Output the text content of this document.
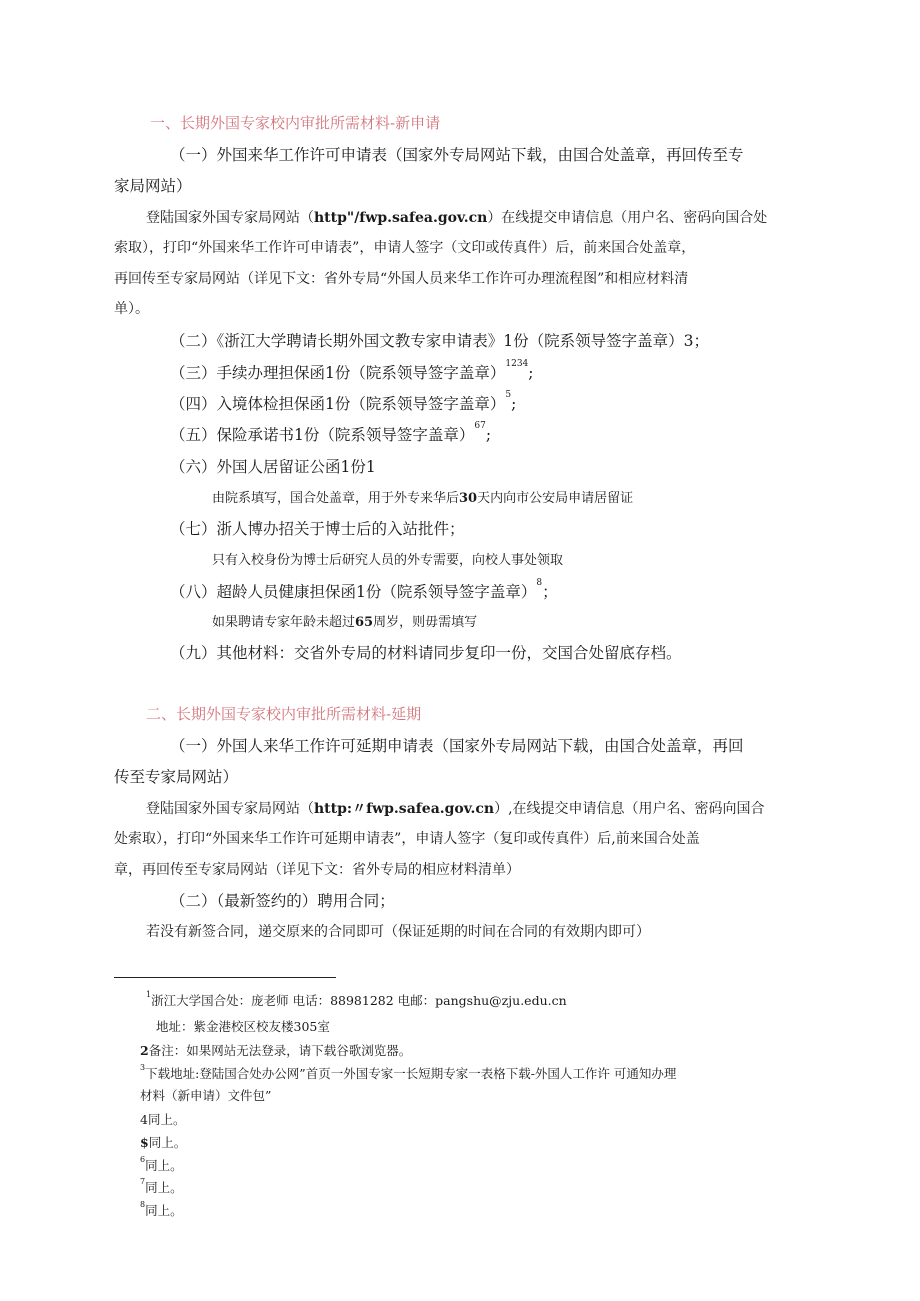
一、长期外国专家校内审批所需材料-新申请
（一）外国来华工作许可申请表（国家外专局网站下载，由国合处盖章，再回传至专
家局网站）
登陆国家外国专家局网站（http"/fwp.safea.gov.cn）在线提交申请信息（用户名、密码向国合处
索取），打印“外国来华工作许可申请表”，申请人签字（文印或传真件）后，前来国合处盖章，
再回传至专家局网站（详见下文：省外专局“外国人员来华工作许可办理流程图”和相应材料清
单）。
（二）《浙江大学聘请长期外国文教专家申请表》1份（院系领导签字盖章）3；
（三）手续办理担保函1份（院系领导签字盖章）$^{1234}$;
（四）入境体检担保函1份（院系领导签字盖章）$^5$;
（五）保险承诺书1份（院系领导签字盖章）$^{67}$;
（六）外国人居留证公函1份1
由院系填写，国合处盖章，用于外专来华后30天内向市公安局申请居留证
（七）浙人博办招关于博士后的入站批件；
只有入校身份为博士后研究人员的外专需要，向校人事处领取
（八）超龄人员健康担保函1份（院系领导签字盖章）$^8$；
如果聘请专家年龄未超过65周岁，则毋需填写
（九）其他材料：交省外专局的材料请同步复印一份，交国合处留底存档。
二、长期外国专家校内审批所需材料-延期
（一）外国人来华工作许可延期申请表（国家外专局网站下载，由国合处盖章，再回
传至专家局网站）
登陆国家外国专家局网站（http:〃fwp.safea.gov.cn）,在线提交申请信息（用户名、密码向国合
处索取），打印“外国来华工作许可延期申请表”，申请人签字（复印或传真件）后,前来国合处盖
章，再回传至专家局网站（详见下文：省外专局的相应材料清单）
（二）（最新签约的）聘用合同；
若没有新签合同，递交原来的合同即可（保证延期的时间在合同的有效期内即可）
$^1$浙江大学国合处：庞老师 电话：88981282 电邮：pangshu@zju.edu.cn
地址：紫金港校区校友楼305室
2备注：如果网站无法登录，请下载谷歌浏览器。
$^3$下载地址:登陆国合处办公网”首页一外国专家一长短期专家一表格下载-外国人工作许 可通知办理
材料（新申请）文件包”
4同上。
$同上。
$^6$同上。
$^7$同上。
$^8$同上。
